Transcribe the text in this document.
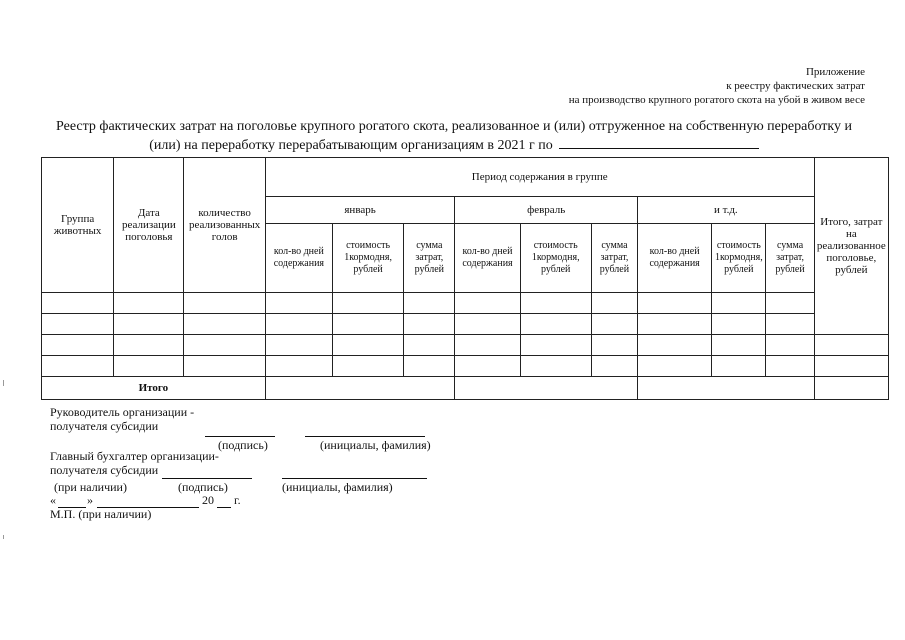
Приложение
к реестру фактических затрат
на производство крупного рогатого скота на убой в живом весе
Реестр фактических затрат на поголовье крупного рогатого скота, реализованное и (или) отгруженное на собственную переработку и (или) на переработку перерабатывающим организациям в 2021 г по
Группа животных	Дата реализации поголовья	количество реализованных голов	Период содержания в группе									Итого, затрат на реализованное поголовье, рублей
			январь			февраль			и т.д.			
			кол-во дней содержания	стоимость 1кормодня, рублей	сумма затрат, рублей	кол-во дней содержания	стоимость 1кормодня, рублей	сумма затрат, рублей	кол-во дней содержания	стоимость 1кормодня, рублей	сумма затрат, рублей	

Итого												
Руководитель организации -
получателя субсидии
(подпись)	(инициалы, фамилия)
Главный бухгалтер организации-
получателя субсидии
(при наличии)	(подпись)	(инициалы, фамилия)
«	»	20 г.
М.П. (при наличии)
